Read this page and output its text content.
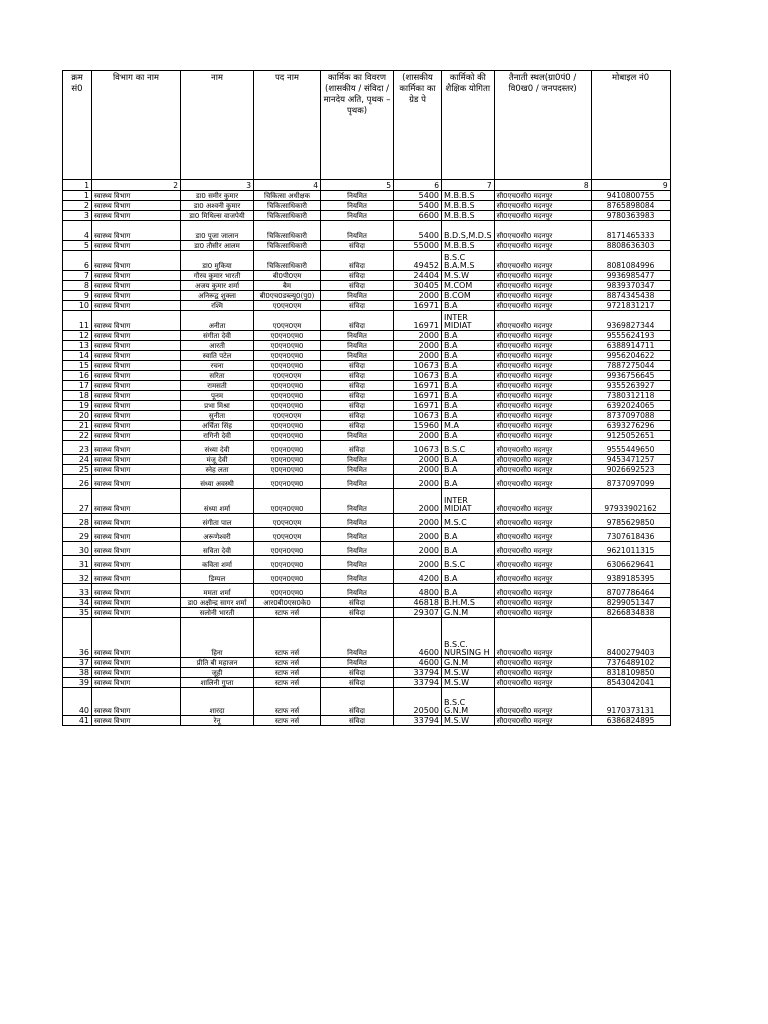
क्रम सं0	विभाग का नाम	नाम	पद नाम	कार्मिक का विवरण (शासकीय / संविदा / मानदेय अति, पृथक – पृथक)	(शासकीय कार्मिका का ग्रेड पे	कार्मिको की शैक्षिक योगिता	तैनाती स्थल(ग्रा0पं0 / वि0ख0 / जनपदस्तर)	मोबाइल नं0
1	2	3	4	5	6	7	8	9
1	स्वास्थ्य विभाग	डा0 समीर कुमार	चिकित्सा अधीक्षक	नियमित	5400	M.B.B.S	सी0एच0सी0 मदनपुर	9410800755
2	स्वास्थ्य विभाग	डा0 अश्वनी कुमार	चिकित्साधिकारी	नियमित	5400	M.B.B.S	सी0एच0सी0 मदनपुर	8765898084
3	स्वास्थ्य विभाग	डा0 मिथिल्स वाजपेयी	चिकित्साधिकारी	नियमित	6600	M.B.B.S	सी0एच0सी0 मदनपुर	9780363983
4	स्वास्थ्य विभाग	डा0 पूजा जालान	चिकित्साधिकारी	नियमित	5400	B.D.S,M.D.S	सी0एच0सी0 मदनपुर	8171465333
5	स्वास्थ्य विभाग	डा0 तौसीर आलम	चिकित्साधिकारी	संविदा	55000	M.B.B.S	सी0एच0सी0 मदनपुर	8808636303
6	स्वास्थ्य विभाग	डा0 मुकिया	चिकित्साधिकारी	संविदा	49452	B.S.C B.A.M.S	सी0एच0सी0 मदनपुर	8081084996
7	स्वास्थ्य विभाग	गौरव कुमार भारती	बी0पी0एम	संविदा	24404	M.S.W	सी0एच0सी0 मदनपुर	9936985477
8	स्वास्थ्य विभाग	अजय कुमार शर्मा	बैम	संविदा	30405	M.COM	सी0एच0सी0 मदनपुर	9839370347
9	स्वास्थ्य विभाग	अनिरूद्व शुक्ला	बी0एच0डब्ल्यू0(पु0)	नियमित	2000	B.COM	सी0एच0सी0 मदनपुर	8874345438
10	स्वास्थ्य विभाग	रश्मि	ए0एन0एम	संविदा	16971	B.A	सी0एच0सी0 मदनपुर	9721831217
11	स्वास्थ्य विभाग	अनीता	ए0एन0एम	संविदा	16971	INTER MIDIAT	सी0एच0सी0 मदनपुर	9369827344
12	स्वास्थ्य विभाग	संगीता देवी	ए0एन0एम0	नियमित	2000	B.A	सी0एच0सी0 मदनपुर	9555624193
13	स्वास्थ्य विभाग	आरती	ए0एन0एम0	नियमित	2000	B.A	सी0एच0सी0 मदनपुर	6388914711
14	स्वास्थ्य विभाग	स्वाति पटेल	ए0एन0एम0	नियमित	2000	B.A	सी0एच0सी0 मदनपुर	9956204622
15	स्वास्थ्य विभाग	रचना	ए0एन0एम0	संविदा	10673	B.A	सी0एच0सी0 मदनपुर	7887275044
16	स्वास्थ्य विभाग	सरिता	ए0एन0एम	संविदा	10673	B.A	सी0एच0सी0 मदनपुर	9936756645
17	स्वास्थ्य विभाग	रामसती	ए0एन0एम0	संविदा	16971	B.A	सी0एच0सी0 मदनपुर	9355263927
18	स्वास्थ्य विभाग	पूनम	ए0एन0एम0	संविदा	16971	B.A	सी0एच0सी0 मदनपुर	7380312118
19	स्वास्थ्य विभाग	प्रभा मिश्रा	ए0एन0एम0	संविदा	16971	B.A	सी0एच0सी0 मदनपुर	6392024065
20	स्वास्थ्य विभाग	सुनीता	ए0एन0एम	संविदा	10673	B.A	सी0एच0सी0 मदनपुर	8737097088
21	स्वास्थ्य विभाग	अर्चिता सिंह	ए0एन0एम0	संविदा	15960	M.A	सी0एच0सी0 मदनपुर	6393276296
22	स्वास्थ्य विभाग	रागिनी देवी	ए0एन0एम0	नियमित	2000	B.A	सी0एच0सी0 मदनपुर	9125052651
23	स्वास्थ्य विभाग	संध्या देवी	ए0एन0एम0	संविदा	10673	B.S.C	सी0एच0सी0 मदनपुर	9555449650
24	स्वास्थ्य विभाग	मंजू देवी	ए0एन0एम0	नियमित	2000	B.A	सी0एच0सी0 मदनपुर	9453471257
25	स्वास्थ्य विभाग	स्नेह लता	ए0एन0एम0	नियमित	2000	B.A	सी0एच0सी0 मदनपुर	9026692523
26	स्वास्थ्य विभाग	संध्या अवस्थी	ए0एन0एम0	नियमित	2000	B.A	सी0एच0सी0 मदनपुर	8737097099
27	स्वास्थ्य विभाग	संध्या शर्मा	ए0एन0एम0	नियमित	2000	INTER MIDIAT	सी0एच0सी0 मदनपुर	97933902162
28	स्वास्थ्य विभाग	संगीता पाल	ए0एन0एम	नियमित	2000	M.S.C	सी0एच0सी0 मदनपुर	9785629850
29	स्वास्थ्य विभाग	अरूणेश्वरी	ए0एन0एम	नियमित	2000	B.A	सी0एच0सी0 मदनपुर	7307618436
30	स्वास्थ्य विभाग	सविता देवी	ए0एन0एम0	नियमित	2000	B.A	सी0एच0सी0 मदनपुर	9621011315
31	स्वास्थ्य विभाग	कविता शर्मा	ए0एन0एम0	नियमित	2000	B.S.C	सी0एच0सी0 मदनपुर	6306629641
32	स्वास्थ्य विभाग	डिम्पल	ए0एन0एम0	नियमित	4200	B.A	सी0एच0सी0 मदनपुर	9389185395
33	स्वास्थ्य विभाग	ममता शर्मा	ए0एन0एम0	नियमित	4800	B.A	सी0एच0सी0 मदनपुर	8707786464
34	स्वास्थ्य विभाग	डा0 अक्षीन्द्र सागर शर्मा	आर0बी0एस0के0	संविदा	46818	B.H.M.S	सी0एच0सी0 मदनपुर	8299051347
35	स्वास्थ्य विभाग	सलोनी भारती	स्टाफ नर्स	संविदा	29307	G.N.M	सी0एच0सी0 मदनपुर	8266834838
36	स्वास्थ्य विभाग	हिना	स्टाफ नर्स	नियमित	4600	B.S.C. NURSING H	सी0एच0सी0 मदनपुर	8400279403
37	स्वास्थ्य विभाग	प्रीति बी महाजन	स्टाफ नर्स	नियमित	4600	G.N.M	सी0एच0सी0 मदनपुर	7376489102
38	स्वास्थ्य विभाग	जूही	स्टाफ नर्स	संविदा	33794	M.S.W	सी0एच0सी0 मदनपुर	8318109850
39	स्वास्थ्य विभाग	शालिनी गुप्ता	स्टाफ नर्स	संविदा	33794	M.S.W	सी0एच0सी0 मदनपुर	8543042041
40	स्वास्थ्य विभाग	शारदा	स्टाफ नर्स	संविदा	20500	B.S.C G.N.M	सी0एच0सी0 मदनपुर	9170373131
41	स्वास्थ्य विभाग	रेनू	स्टाफ नर्स	संविदा	33794	M.S.W	सी0एच0सी0 मदनपुर	6386824895
